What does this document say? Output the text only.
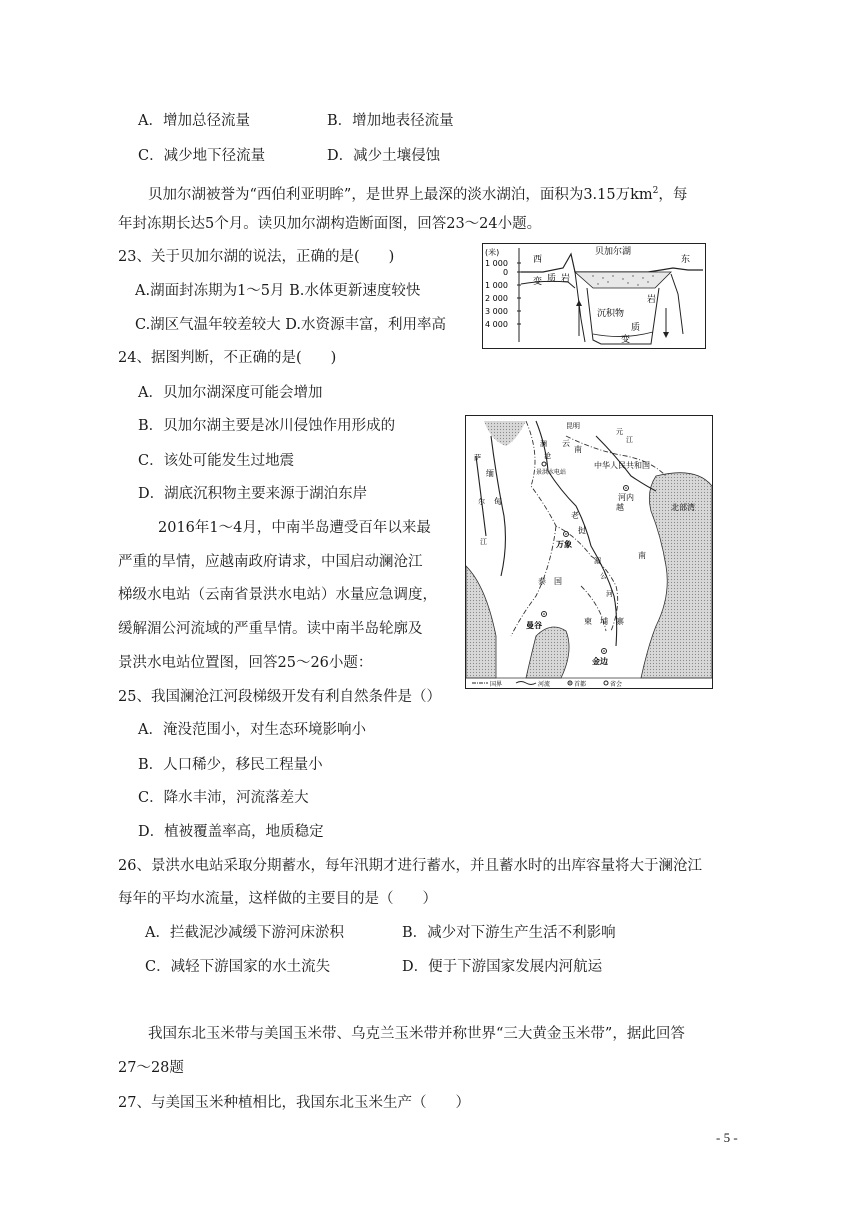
A．增加总径流量	B．增加地表径流量
C．减少地下径流量	D．减少土壤侵蚀
贝加尔湖被誉为“西伯利亚明眸”，是世界上最深的淡水湖泊，面积为3.15万$km^2$，每
年封冻期长达5个月。读贝加尔湖构造断面图，回答23～24小题。
23、关于贝加尔湖的说法，正确的是(　　)
A.湖面封冻期为1～5月 B.水体更新速度较快
C.湖区气温年较差较大 D.水资源丰富，利用率高
24、据图判断，不正确的是(　　)
A．贝加尔湖深度可能会增加
B．贝加尔湖主要是冰川侵蚀作用形成的
C．该处可能发生过地震
D．湖底沉积物主要来源于湖泊东岸
2016年1～4月，中南半岛遭受百年以来最
严重的旱情，应越南政府请求，中国启动澜沧江
梯级水电站（云南省景洪水电站）水量应急调度，
缓解湄公河流域的严重旱情。读中南半岛轮廓及
景洪水电站位置图，回答25～26小题：
25、我国澜沧江河段梯级开发有利自然条件是（）
A．淹没范围小，对生态环境影响小
B．人口稀少，移民工程量小
C．降水丰沛，河流落差大
D．植被覆盖率高，地质稳定
26、景洪水电站采取分期蓄水，每年汛期才进行蓄水，并且蓄水时的出库容量将大于澜沧江
每年的平均水流量，这样做的主要目的是（　　）
A．拦截泥沙减缓下游河床淤积	B．减少对下游生产生活不利影响
C．减轻下游国家的水土流失	D．便于下游国家发展内河航运
我国东北玉米带与美国玉米带、乌克兰玉米带并称世界“三大黄金玉米带”，据此回答
27～28题
27、与美国玉米种植相比，我国东北玉米生产（　　）
- 5 -
(米)
1 000
0
1 000
2 000
3 000
4 000
西	东
贝加尔湖
岩
变 质
沉积物
岩
质
变
昆明
云
南
元
江
澜
沧
景洪水电站
中华人民共和国
河内
北部湾
缅
甸
老
挝
万象
泰　国
曼谷	柬　埔　寨
金边
越
南
湄
公
河
萨
尔
江
国界	河流	首都	省会
